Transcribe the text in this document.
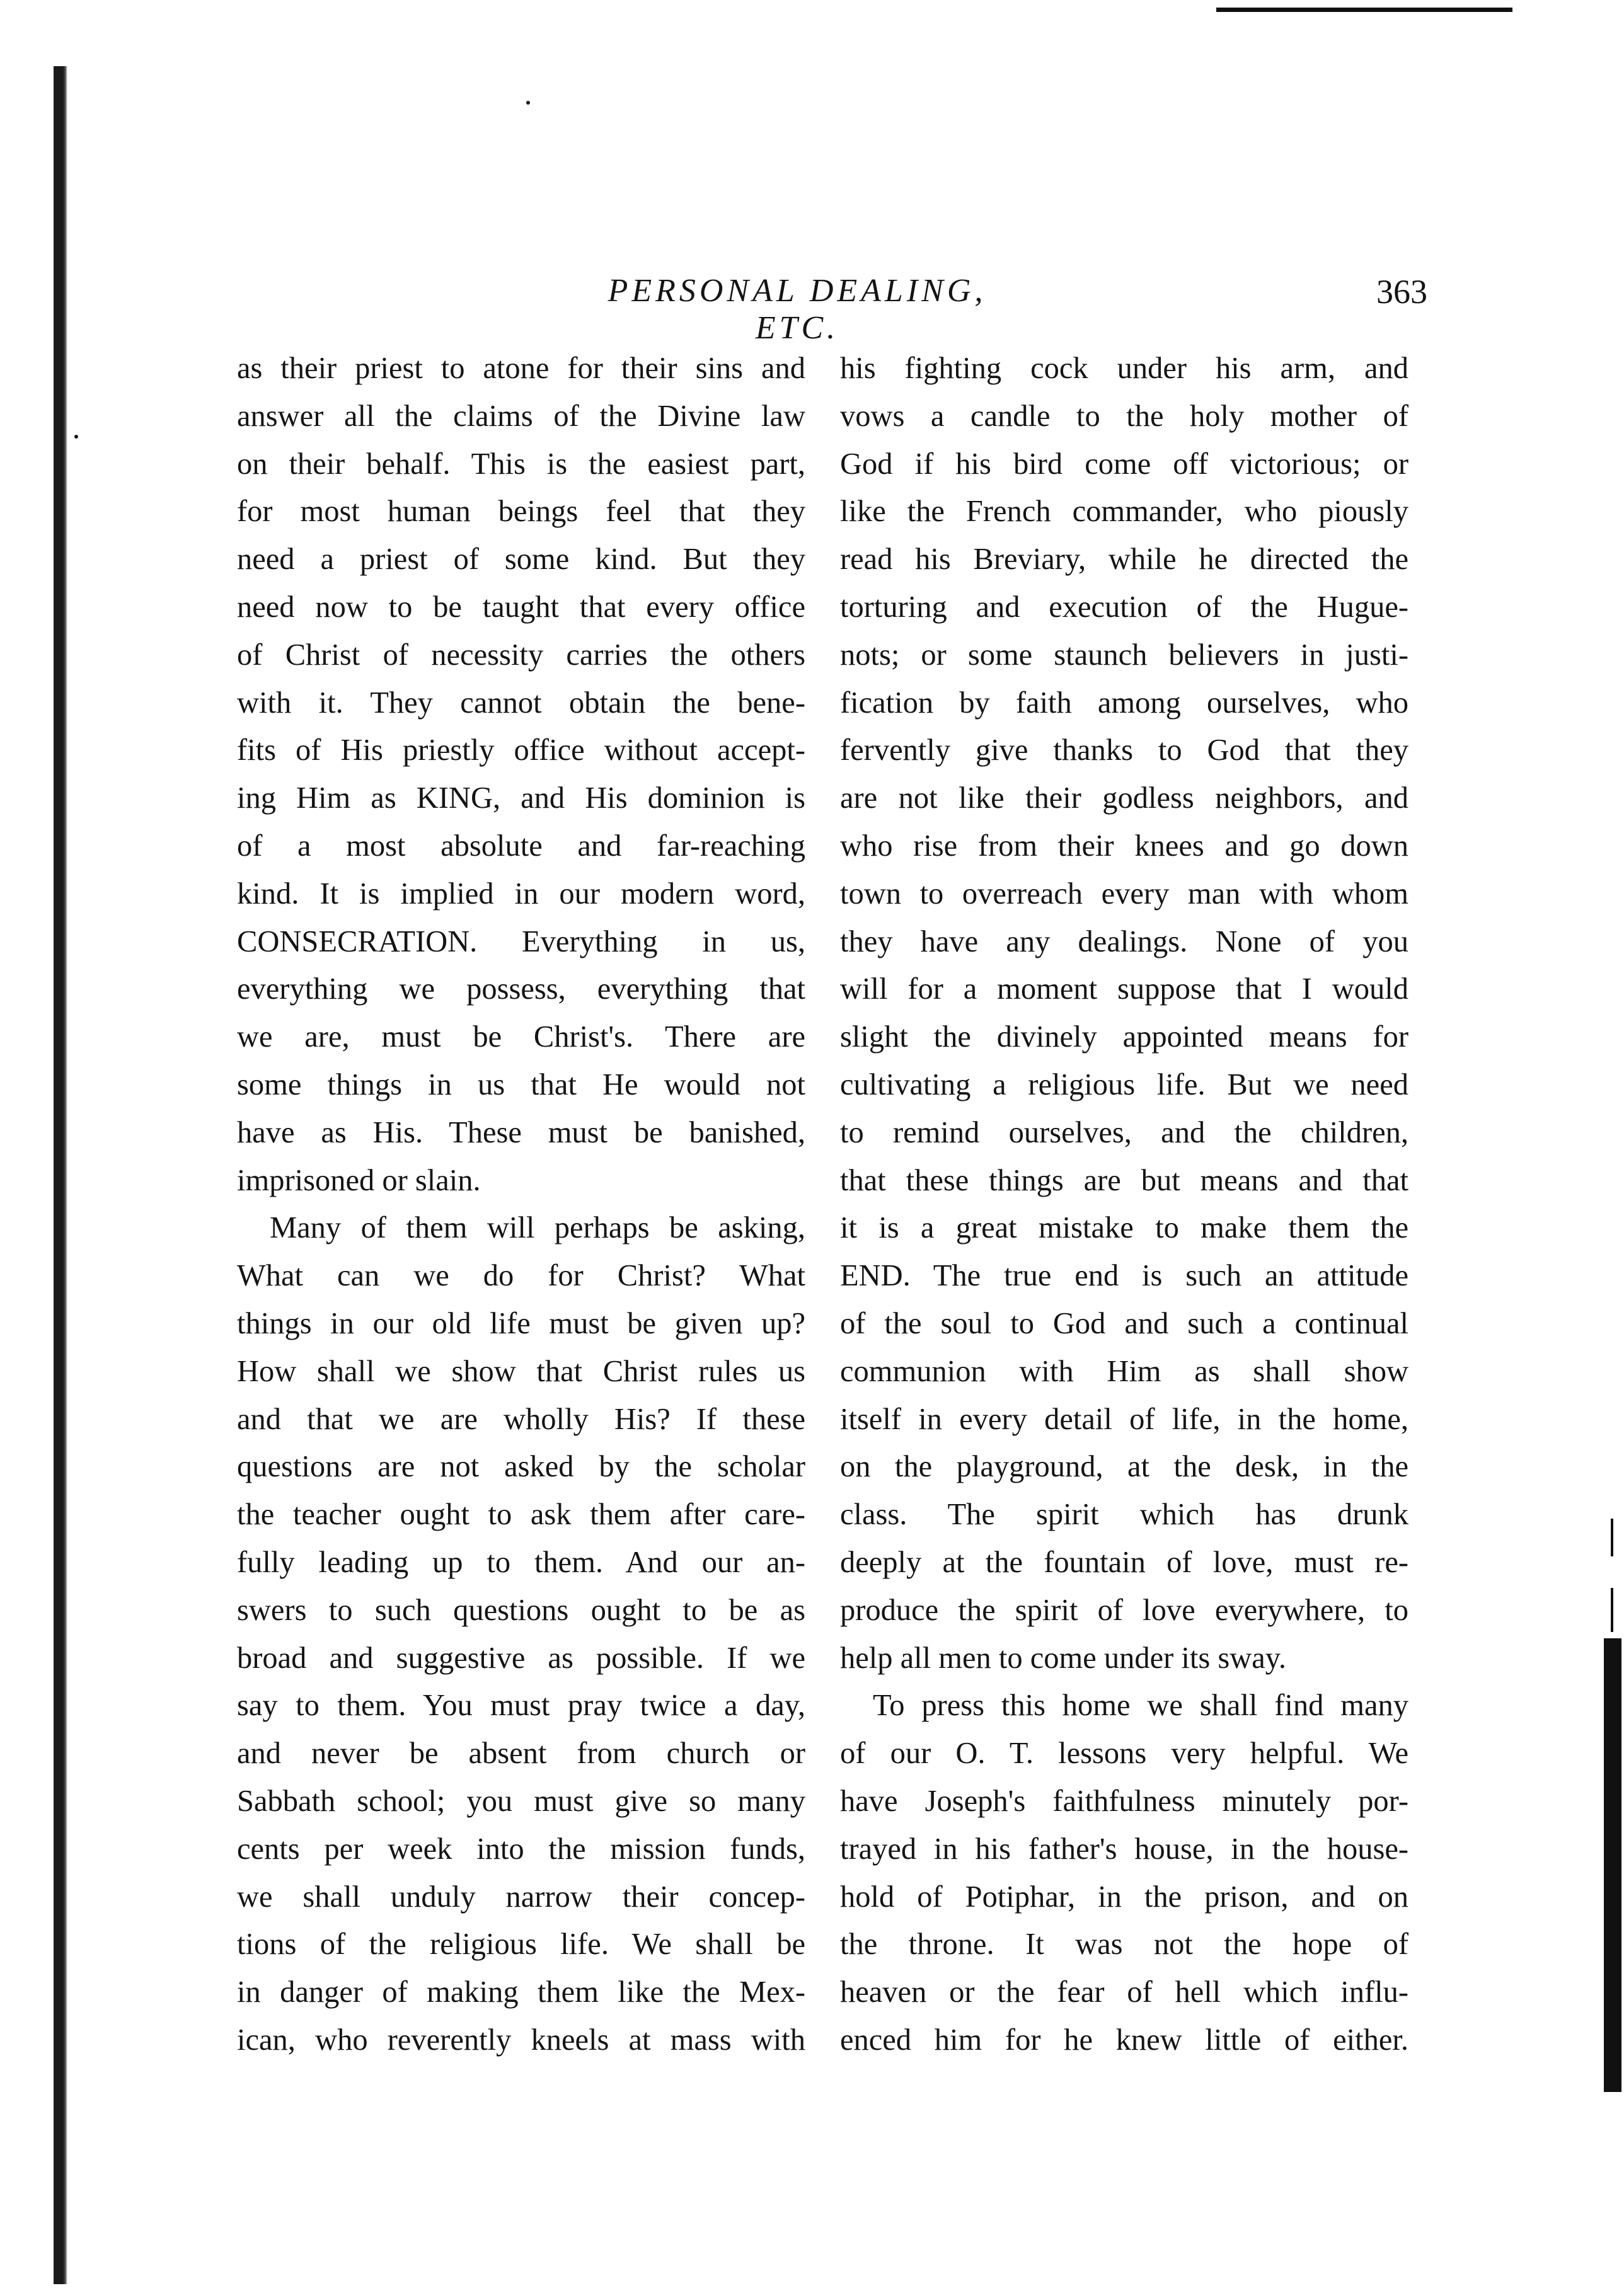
PERSONAL DEALING, ETC.
363
as their priest to atone for their sins and
answer all the claims of the Divine law
on their behalf. This is the easiest part,
for most human beings feel that they
need a priest of some kind. But they
need now to be taught that every office
of Christ of necessity carries the others
with it. They cannot obtain the bene-
fits of His priestly office without accept-
ing Him as KING, and His dominion is
of a most absolute and far-reaching
kind. It is implied in our modern word,
CONSECRATION. Everything in us,
everything we possess, everything that
we are, must be Christ's. There are
some things in us that He would not
have as His. These must be banished,
imprisoned or slain.
Many of them will perhaps be asking,
What can we do for Christ? What
things in our old life must be given up?
How shall we show that Christ rules us
and that we are wholly His? If these
questions are not asked by the scholar
the teacher ought to ask them after care-
fully leading up to them. And our an-
swers to such questions ought to be as
broad and suggestive as possible. If we
say to them. You must pray twice a day,
and never be absent from church or
Sabbath school; you must give so many
cents per week into the mission funds,
we shall unduly narrow their concep-
tions of the religious life. We shall be
in danger of making them like the Mex-
ican, who reverently kneels at mass with
his fighting cock under his arm, and
vows a candle to the holy mother of
God if his bird come off victorious; or
like the French commander, who piously
read his Breviary, while he directed the
torturing and execution of the Hugue-
nots; or some staunch believers in justi-
fication by faith among ourselves, who
fervently give thanks to God that they
are not like their godless neighbors, and
who rise from their knees and go down
town to overreach every man with whom
they have any dealings. None of you
will for a moment suppose that I would
slight the divinely appointed means for
cultivating a religious life. But we need
to remind ourselves, and the children,
that these things are but means and that
it is a great mistake to make them the
END. The true end is such an attitude
of the soul to God and such a continual
communion with Him as shall show
itself in every detail of life, in the home,
on the playground, at the desk, in the
class. The spirit which has drunk
deeply at the fountain of love, must re-
produce the spirit of love everywhere, to
help all men to come under its sway.
To press this home we shall find many
of our O. T. lessons very helpful. We
have Joseph's faithfulness minutely por-
trayed in his father's house, in the house-
hold of Potiphar, in the prison, and on
the throne. It was not the hope of
heaven or the fear of hell which influ-
enced him for he knew little of either.
